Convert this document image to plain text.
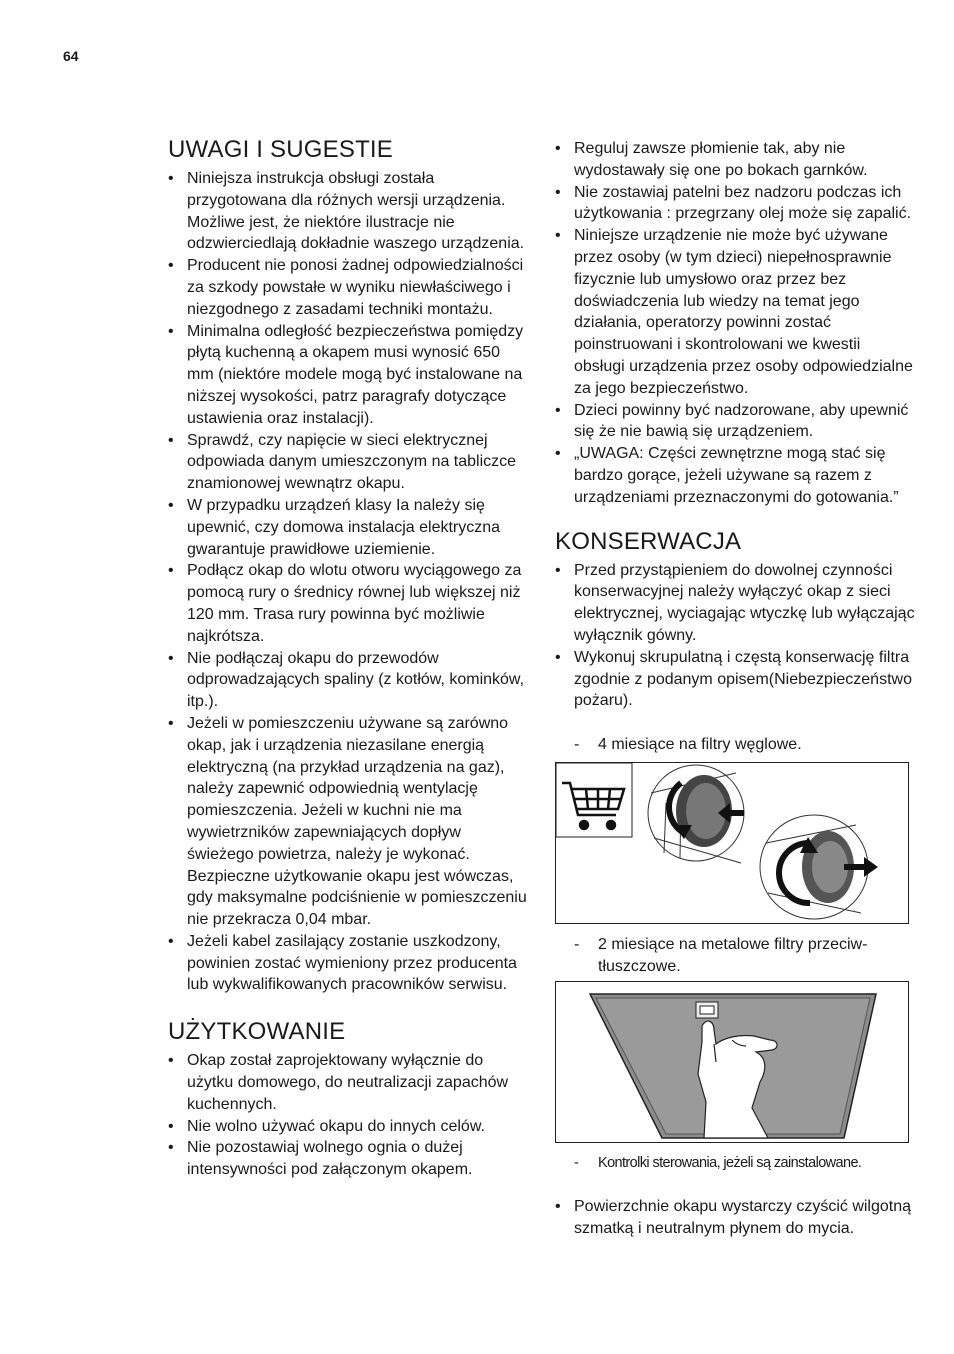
64
UWAGI I SUGESTIE
• Niniejsza instrukcja obsługi została przygotowana dla różnych wersji urządzenia. Możliwe jest, że niektóre ilustracje nie odzwierciedlają dokładnie waszego urządzenia.
• Producent nie ponosi żadnej odpowiedzialności za szkody powstałe w wyniku niewłaściwego i niezgodnego z zasadami techniki montażu.
• Minimalna odległość bezpieczeństwa pomiędzy płytą kuchenną a okapem musi wynosić 650 mm (niektóre modele mogą być instalowane na niższej wysokości, patrz paragrafy dotyczące ustawienia oraz instalacji).
• Sprawdź, czy napięcie w sieci elektrycznej odpowiada danym umieszczonym na tabliczce znamionowej wewnątrz okapu.
• W przypadku urządzeń klasy Ia należy się upewnić, czy domowa instalacja elektryczna gwarantuje prawidłowe uziemienie.
• Podłącz okap do wlotu otworu wyciągowego za pomocą rury o średnicy równej lub większej niż 120 mm. Trasa rury powinna być możliwie najkrótsza.
• Nie podłączaj okapu do przewodów odprowadzających spaliny (z kotłów, kominków, itp.).
• Jeżeli w pomieszczeniu używane są zarówno okap, jak i urządzenia niezasilane energią elektryczną (na przykład urządzenia na gaz), należy zapewnić odpowiednią wentylację pomieszczenia. Jeżeli w kuchni nie ma wywietrzników zapewniających dopływ świeżego powietrza, należy je wykonać. Bezpieczne użytkowanie okapu jest wówczas, gdy maksymalne podciśnienie w pomieszczeniu nie przekracza 0,04 mbar.
• Jeżeli kabel zasilający zostanie uszkodzony, powinien zostać wymieniony przez producenta lub wykwalifikowanych pracowników serwisu.
UŻYTKOWANIE
• Okap został zaprojektowany wyłącznie do użytku domowego, do neutralizacji zapachów kuchennych.
• Nie wolno używać okapu do innych celów.
• Nie pozostawiaj wolnego ognia o dużej intensywności pod załączonym okapem.
• Reguluj zawsze płomienie tak, aby nie wydostawały się one po bokach garnków.
• Nie zostawiaj patelni bez nadzoru podczas ich użytkowania : przegrzany olej może się zapalić.
• Niniejsze urządzenie nie może być używane przez osoby (w tym dzieci) niepełnosprawnie fizycznie lub umysłowo oraz przez bez doświadczenia lub wiedzy na temat jego działania, operatorzy powinni zostać poinstruowani i skontrolowani we kwestii obsługi urządzenia przez osoby odpowiedzialne za jego bezpieczeństwo.
• Dzieci powinny być nadzorowane, aby upewnić się że nie bawią się urządzeniem.
• „UWAGA: Części zewnętrzne mogą stać się bardzo gorące, jeżeli używane są razem z urządzeniami przeznaczonymi do gotowania.”
KONSERWACJA
• Przed przystąpieniem do dowolnej czynności konserwacyjnej należy wyłączyć okap z sieci elektrycznej, wyciagając wtyczkę lub wyłączając wyłącznik gówny.
• Wykonuj skrupulatną i częstą konserwację filtra zgodnie z podanym opisem(Niebezpieczeństwo pożaru).
- 4 miesiące na filtry węglowe.
- 2 miesiące na metalowe filtry przeciw-tłuszczowe.
- Kontrolki sterowania, jeżeli są zainstalowane.
• Powierzchnie okapu wystarczy czyścić wilgotną szmatką i neutralnym płynem do mycia.
